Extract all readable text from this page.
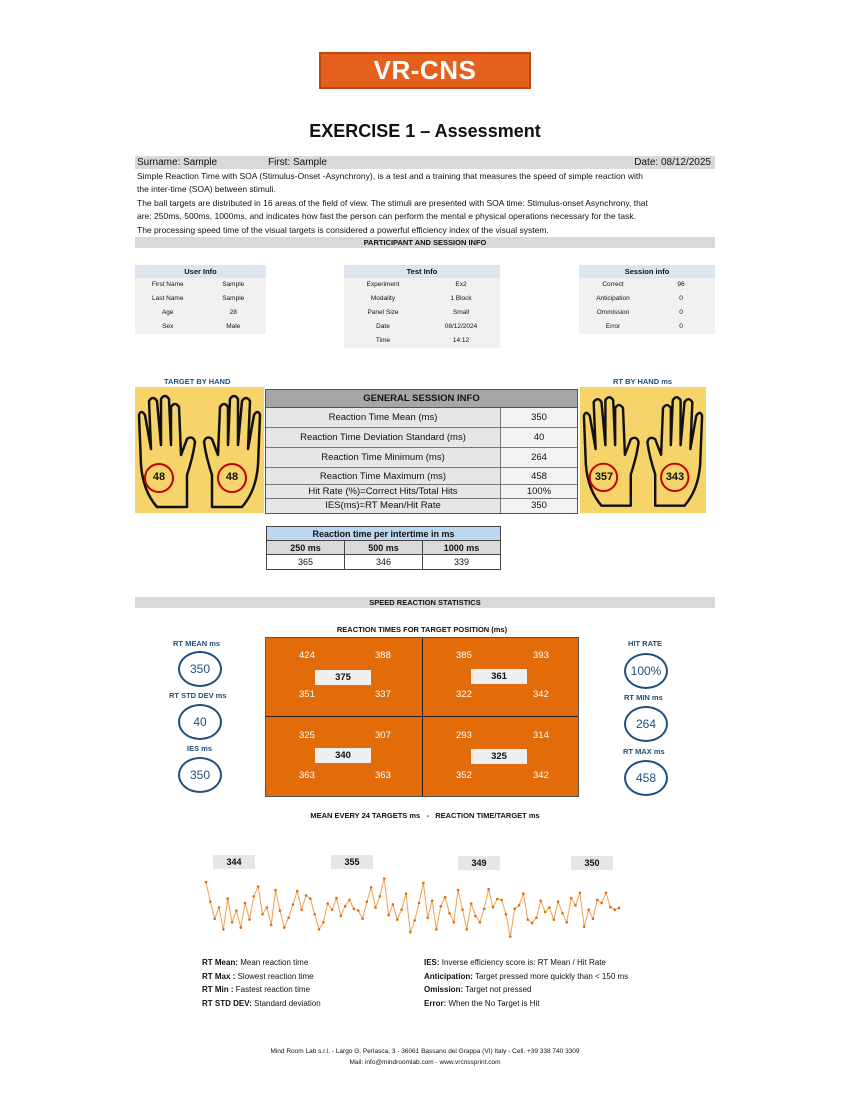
VR-CNS SPRINT
EXERCISE 1 – Assessment
Surname: Sample	First: Sample	Date: 08/12/2025
Simple Reaction Time with SOA (Stimulus-Onset -Asynchrony), is a test and a training that measures the speed of simple reaction with
the inter-time (SOA) between stimuli.
The ball targets are distributed in 16 areas of the field of view. The stimuli are presented with SOA time: Stimulus-onset Asynchrony, that
are: 250ms, 500ms, 1000ms, and indicates how fast the person can perform the mental e physical operations necessary for the task.
The processing speed time of the visual targets is considered a powerful efficiency index of the visual system.
PARTICIPANT AND SESSION INFO
User Info
First Name	Sample
Last Name	Sample
Age	28
Sex	Male
Test Info
Experiment	Ex2
Modality	1 Block
Panel Size	Small
Date	08/12/2024
Time	14:12
Session info
Correct	96
Anticipation	0
Ommission	0
Error	0
TARGET BY HAND
48	48
RT BY HAND ms
357	343
GENERAL SESSION INFO
Reaction Time Mean (ms)	350
Reaction Time Deviation Standard (ms)	40
Reaction Time Minimum (ms)	264
Reaction Time Maximum (ms)	458
Hit Rate (%)=Correct Hits/Total Hits	100%
IES(ms)=RT Mean/Hit Rate	350
Reaction time per intertime in ms
250 ms	500 ms	1000 ms
365	346	339
SPEED REACTION STATISTICS
REACTION TIMES FOR TARGET POSITION (ms)
RT MEAN ms
350
RT STD DEV ms
40
IES ms
350
HIT RATE
100%
RT MIN ms
264
RT MAX ms
458
424	388
351	337
375
385	393
322	342
361
325	307
363	363
340
293	314
352	342
325
MEAN EVERY 24 TARGETS ms   -   REACTION TIME/TARGET ms
344	355	349	350
RT Mean: Mean reaction time
RT Max : Slowest reaction time
RT Min : Fastest reaction time
RT STD DEV: Standard deviation
IES: Inverse efficiency score is: RT Mean / Hit Rate
Anticipation: Target pressed more quickly than < 150 ms
Omission: Target not pressed
Error: When the No Target is Hit
Mind Room Lab s.r.l. - Largo G. Perlasca, 3 - 36061 Bassano del Grappa (VI) Italy - Cell. +39 338 740 3309
Mail: info@mindroomlab.com - www.vrcnssprint.com
